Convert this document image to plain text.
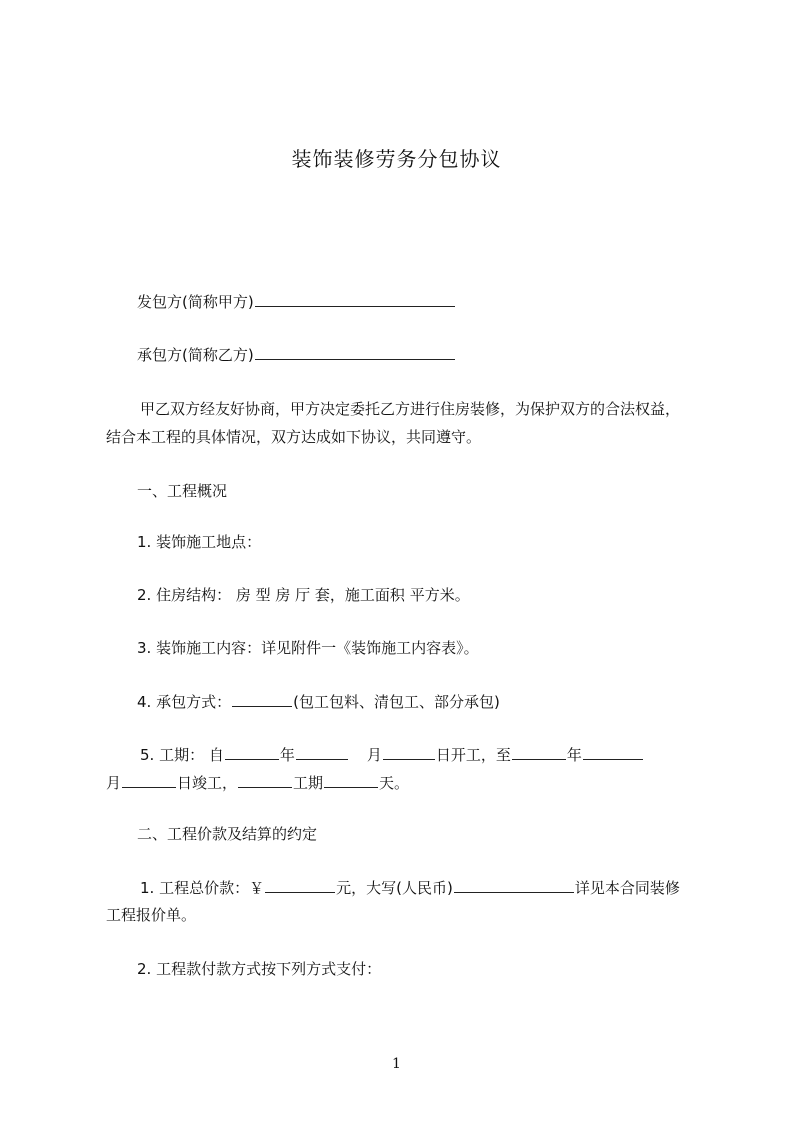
装饰装修劳务分包协议
发包方(简称甲方)
承包方(简称乙方)
甲乙双方经友好协商，甲方决定委托乙方进行住房装修，为保护双方的合法权益，
结合本工程的具体情况，双方达成如下协议，共同遵守。
一、工程概况
1. 装饰施工地点：
2. 住房结构： 房 型 房 厅 套，施工面积 平方米。
3. 装饰施工内容：详见附件一《装饰施工内容表》。
4. 承包方式：	(包工包料、清包工、部分承包)
5. 工期： 自	年	月	日开工，至	年
月	日竣工，	工期	天。
二、工程价款及结算的约定
1. 工程总价款：￥	元，大写(人民币)	详见本合同装修
工程报价单。
2. 工程款付款方式按下列方式支付：
1
